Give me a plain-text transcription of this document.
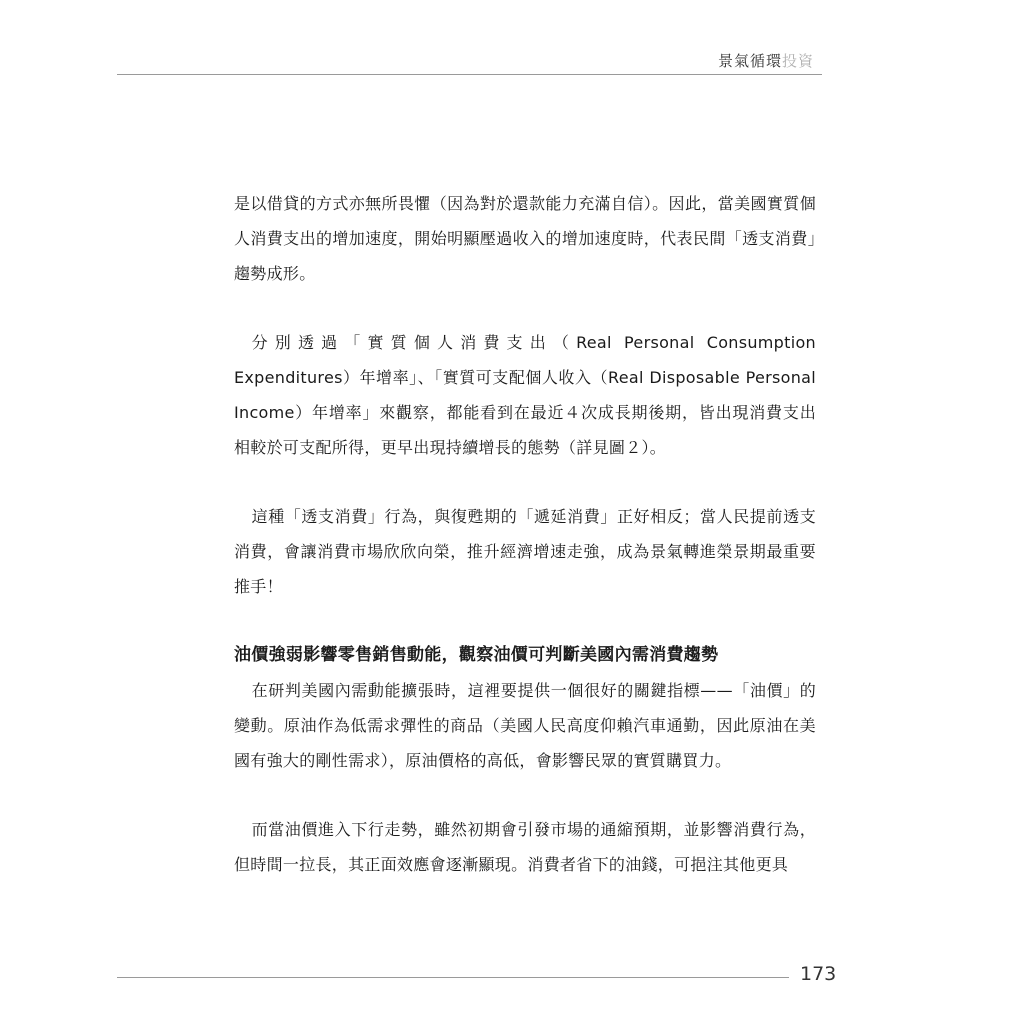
景氣循環投資

是以借貸的方式亦無所畏懼（因為對於還款能力充滿自信）。因此，當美國實質個人消費支出的增加速度，開始明顯壓過收入的增加速度時，代表民間「透支消費」趨勢成形。

分別透過「實質個人消費支出（Real Personal Consumption Expenditures）年增率」、「實質可支配個人收入（Real Disposable Personal Income）年增率」來觀察，都能看到在最近４次成長期後期，皆出現消費支出相較於可支配所得，更早出現持續增長的態勢（詳見圖２）。

這種「透支消費」行為，與復甦期的「遞延消費」正好相反；當人民提前透支消費，會讓消費市場欣欣向榮，推升經濟增速走強，成為景氣轉進榮景期最重要推手！

油價強弱影響零售銷售動能，觀察油價可判斷美國內需消費趨勢

在研判美國內需動能擴張時，這裡要提供一個很好的關鍵指標——「油價」的變動。原油作為低需求彈性的商品（美國人民高度仰賴汽車通勤，因此原油在美國有強大的剛性需求），原油價格的高低，會影響民眾的實質購買力。

而當油價進入下行走勢，雖然初期會引發市場的通縮預期，並影響消費行為，但時間一拉長，其正面效應會逐漸顯現。消費者省下的油錢，可挹注其他更具

173
